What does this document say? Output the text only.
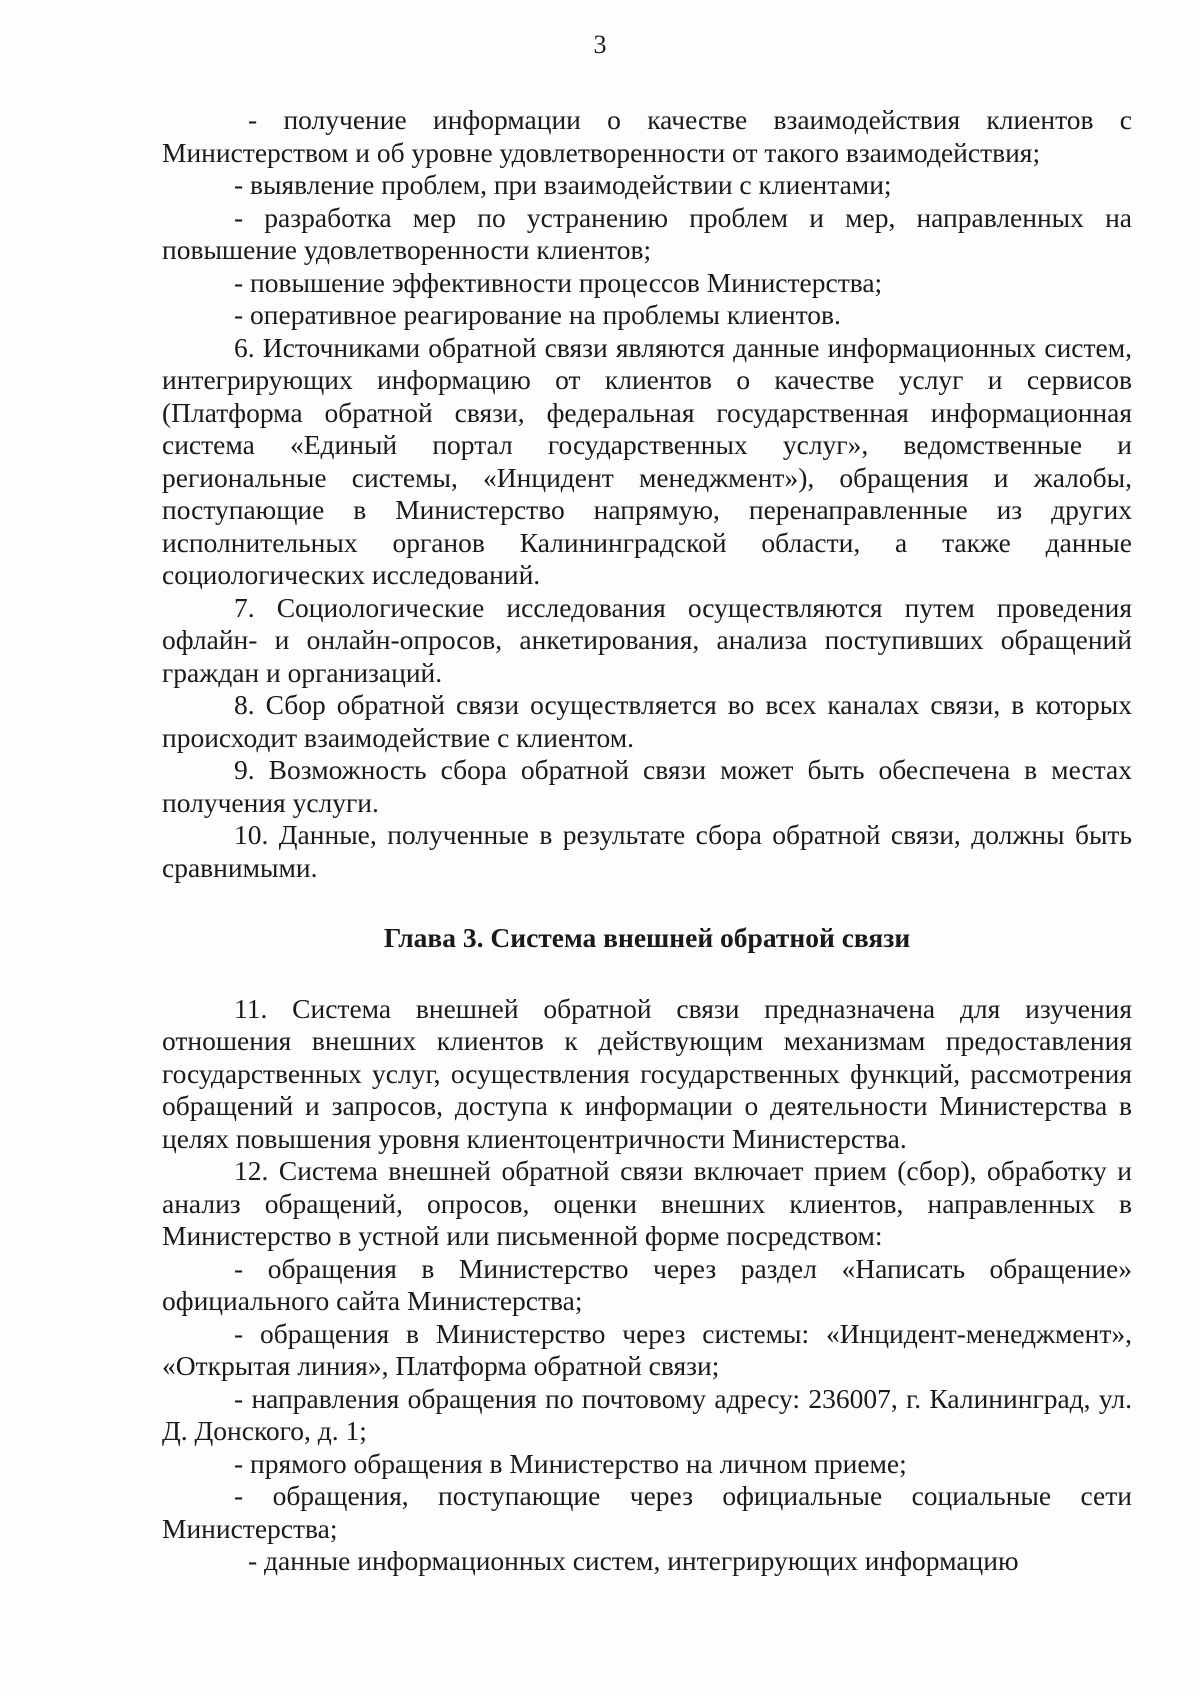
3

- получение информации о качестве взаимодействия клиентов с Министерством и об уровне удовлетворенности от такого взаимодействия;

- выявление проблем, при взаимодействии с клиентами;

- разработка мер по устранению проблем и мер, направленных на повышение удовлетворенности клиентов;

- повышение эффективности процессов Министерства;

- оперативное реагирование на проблемы клиентов.

6. Источниками обратной связи являются данные информационных систем, интегрирующих информацию от клиентов о качестве услуг и сервисов (Платформа обратной связи, федеральная государственная информационная система «Единый портал государственных услуг», ведомственные и региональные системы, «Инцидент менеджмент»), обращения и жалобы, поступающие в Министерство напрямую, перенаправленные из других исполнительных органов Калининградской области, а также данные социологических исследований.

7. Социологические исследования осуществляются путем проведения офлайн- и онлайн-опросов, анкетирования, анализа поступивших обращений граждан и организаций.

8. Сбор обратной связи осуществляется во всех каналах связи, в которых происходит взаимодействие с клиентом.

9. Возможность сбора обратной связи может быть обеспечена в местах получения услуги.

10. Данные, полученные в результате сбора обратной связи, должны быть сравнимыми.

Глава 3. Система внешней обратной связи

11. Система внешней обратной связи предназначена для изучения отношения внешних клиентов к действующим механизмам предоставления государственных услуг, осуществления государственных функций, рассмотрения обращений и запросов, доступа к информации о деятельности Министерства в целях повышения уровня клиентоцентричности Министерства.

12. Система внешней обратной связи включает прием (сбор), обработку и анализ обращений, опросов, оценки внешних клиентов, направленных в Министерство в устной или письменной форме посредством:

- обращения в Министерство через раздел «Написать обращение» официального сайта Министерства;

- обращения в Министерство через системы: «Инцидент-менеджмент», «Открытая линия», Платформа обратной связи;

- направления обращения по почтовому адресу: 236007, г. Калининград, ул. Д. Донского, д. 1;

- прямого обращения в Министерство на личном приеме;

- обращения, поступающие через официальные социальные сети Министерства;

- данные информационных систем, интегрирующих информацию
